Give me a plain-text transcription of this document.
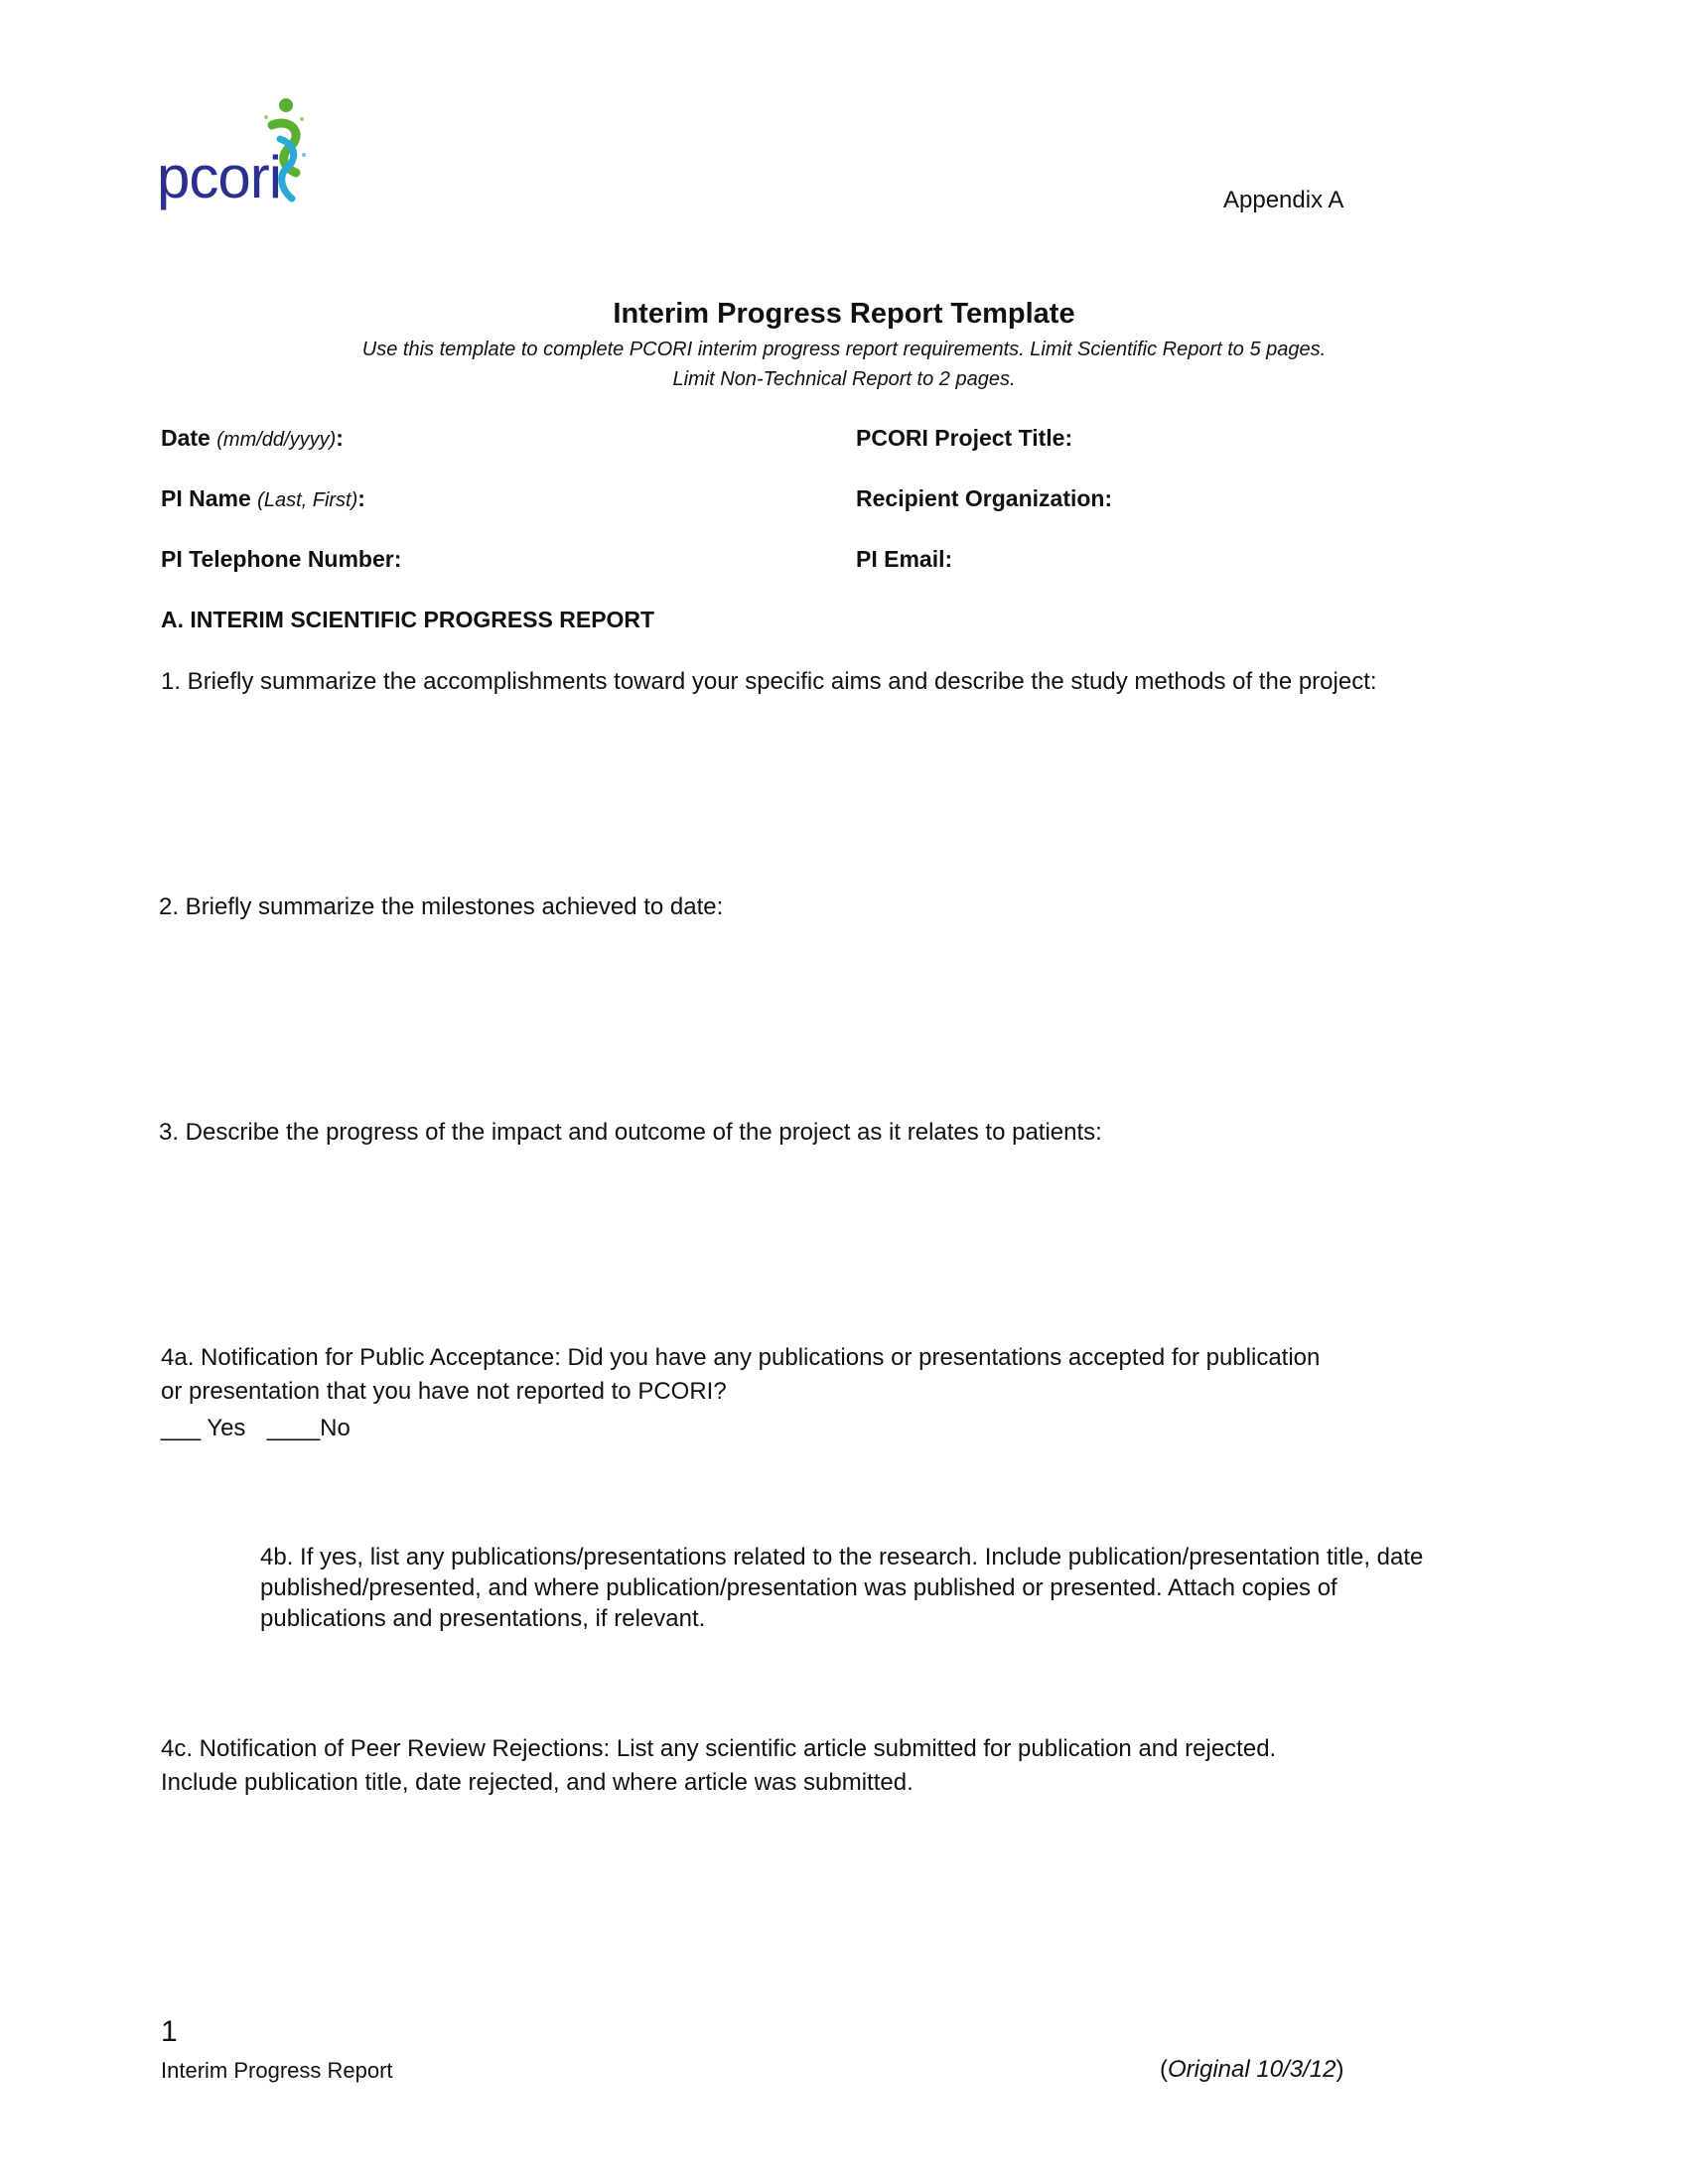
pcori	Appendix A
Interim Progress Report Template
Use this template to complete PCORI interim progress report requirements. Limit Scientific Report to 5 pages.
Limit Non-Technical Report to 2 pages.
Date (mm/dd/yyyy):	PCORI Project Title:
PI Name (Last, First):	Recipient Organization:
PI Telephone Number:	PI Email:
A. INTERIM SCIENTIFIC PROGRESS REPORT
1. Briefly summarize the accomplishments toward your specific aims and describe the study methods of the project:
2. Briefly summarize the milestones achieved to date:
3. Describe the progress of the impact and outcome of the project as it relates to patients:
4a. Notification for Public Acceptance: Did you have any publications or presentations accepted for publication
or presentation that you have not reported to PCORI?
___ Yes ____No
4b. If yes, list any publications/presentations related to the research. Include publication/presentation title, date
published/presented, and where publication/presentation was published or presented. Attach copies of
publications and presentations, if relevant.
4c. Notification of Peer Review Rejections: List any scientific article submitted for publication and rejected.
Include publication title, date rejected, and where article was submitted.
1
Interim Progress Report	(Original 10/3/12)
